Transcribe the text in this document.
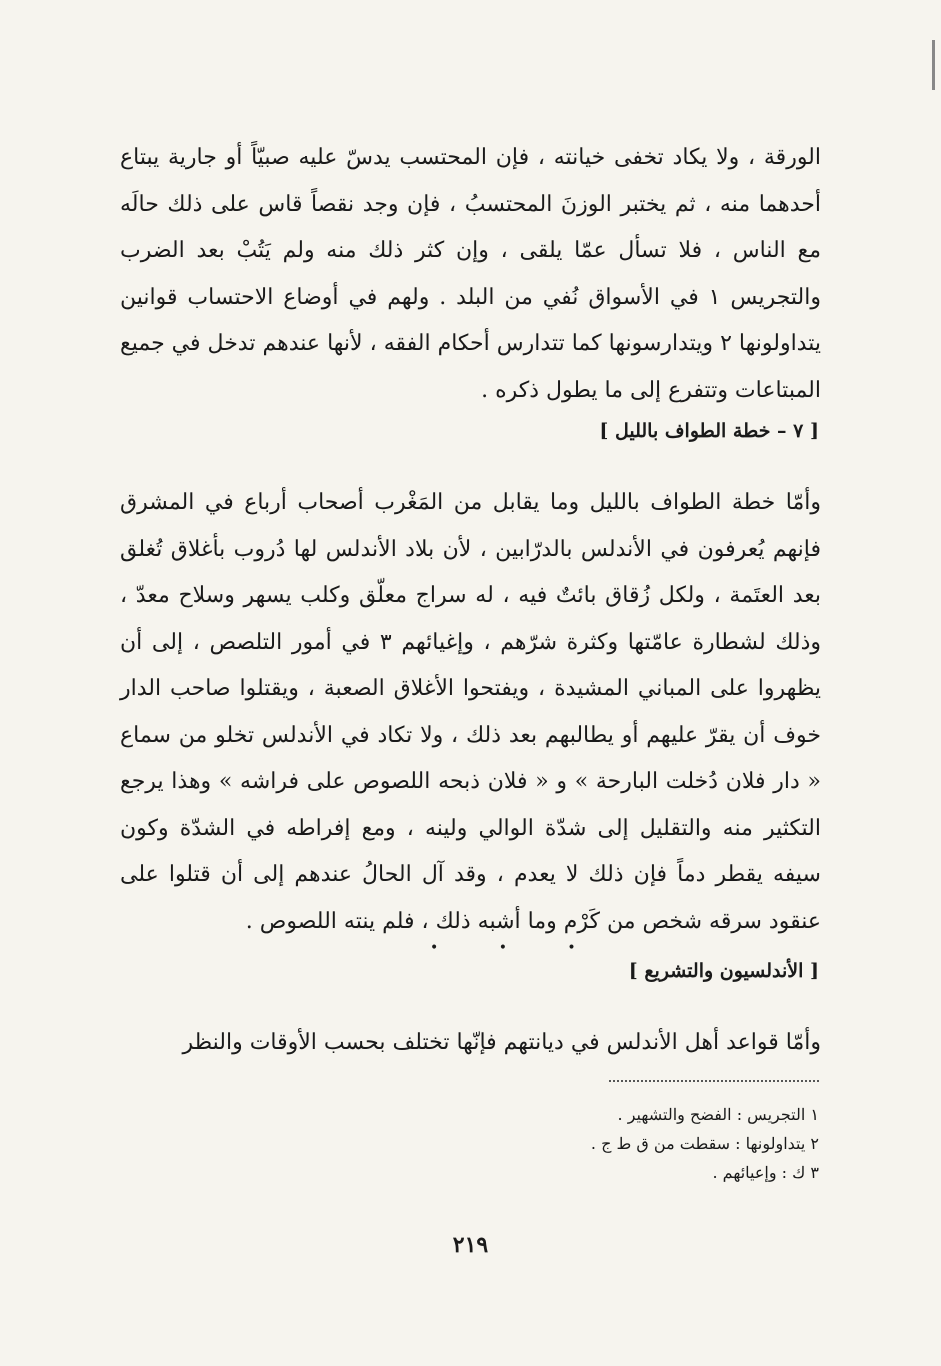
الورقة ، ولا يكاد تخفى خيانته ، فإن المحتسب يدسّ عليه صبيّاً أو جارية يبتاع أحدهما منه ، ثم يختبر الوزنَ المحتسبُ ، فإن وجد نقصاً قاس على ذلك حالَه مع الناس ، فلا تسأل عمّا يلقى ، وإن كثر ذلك منه ولم يَتُبْ بعد الضرب والتجريس ١ في الأسواق نُفي من البلد . ولهم في أوضاع الاحتساب قوانين يتداولونها ٢ ويتدارسونها كما تتدارس أحكام الفقه ، لأنها عندهم تدخل في جميع المبتاعات وتتفرع إلى ما يطول ذكره .
[ ٧ – خطة الطواف بالليل ]
وأمّا خطة الطواف بالليل وما يقابل من المَغْرب أصحاب أرباع في المشرق فإنهم يُعرفون في الأندلس بالدرّابين ، لأن بلاد الأندلس لها دُروب بأغلاق تُغلق بعد العتَمة ، ولكل زُقاق بائتٌ فيه ، له سراج معلّق وكلب يسهر وسلاح معدّ ، وذلك لشطارة عامّتها وكثرة شرّهم ، وإغيائهم ٣ في أمور التلصص ، إلى أن يظهروا على المباني المشيدة ، ويفتحوا الأغلاق الصعبة ، ويقتلوا صاحب الدار خوف أن يقرّ عليهم أو يطالبهم بعد ذلك ، ولا تكاد في الأندلس تخلو من سماع « دار فلان دُخلت البارحة » و « فلان ذبحه اللصوص على فراشه » وهذا يرجع التكثير منه والتقليل إلى شدّة الوالي ولينه ، ومع إفراطه في الشدّة وكون سيفه يقطر دماً فإن ذلك لا يعدم ، وقد آل الحالُ عندهم إلى أن قتلوا على عنقود سرقه شخص من كَرْم وما أشبه ذلك ، فلم ينته اللصوص .
• • •
[ الأندلسيون والتشريع ]
وأمّا قواعد أهل الأندلس في ديانتهم فإنّها تختلف بحسب الأوقات والنظر
١ التجريس : الفضح والتشهير .
٢ يتداولونها : سقطت من ق ط ج .
٣ ك : وإعيائهم .
٢١٩
